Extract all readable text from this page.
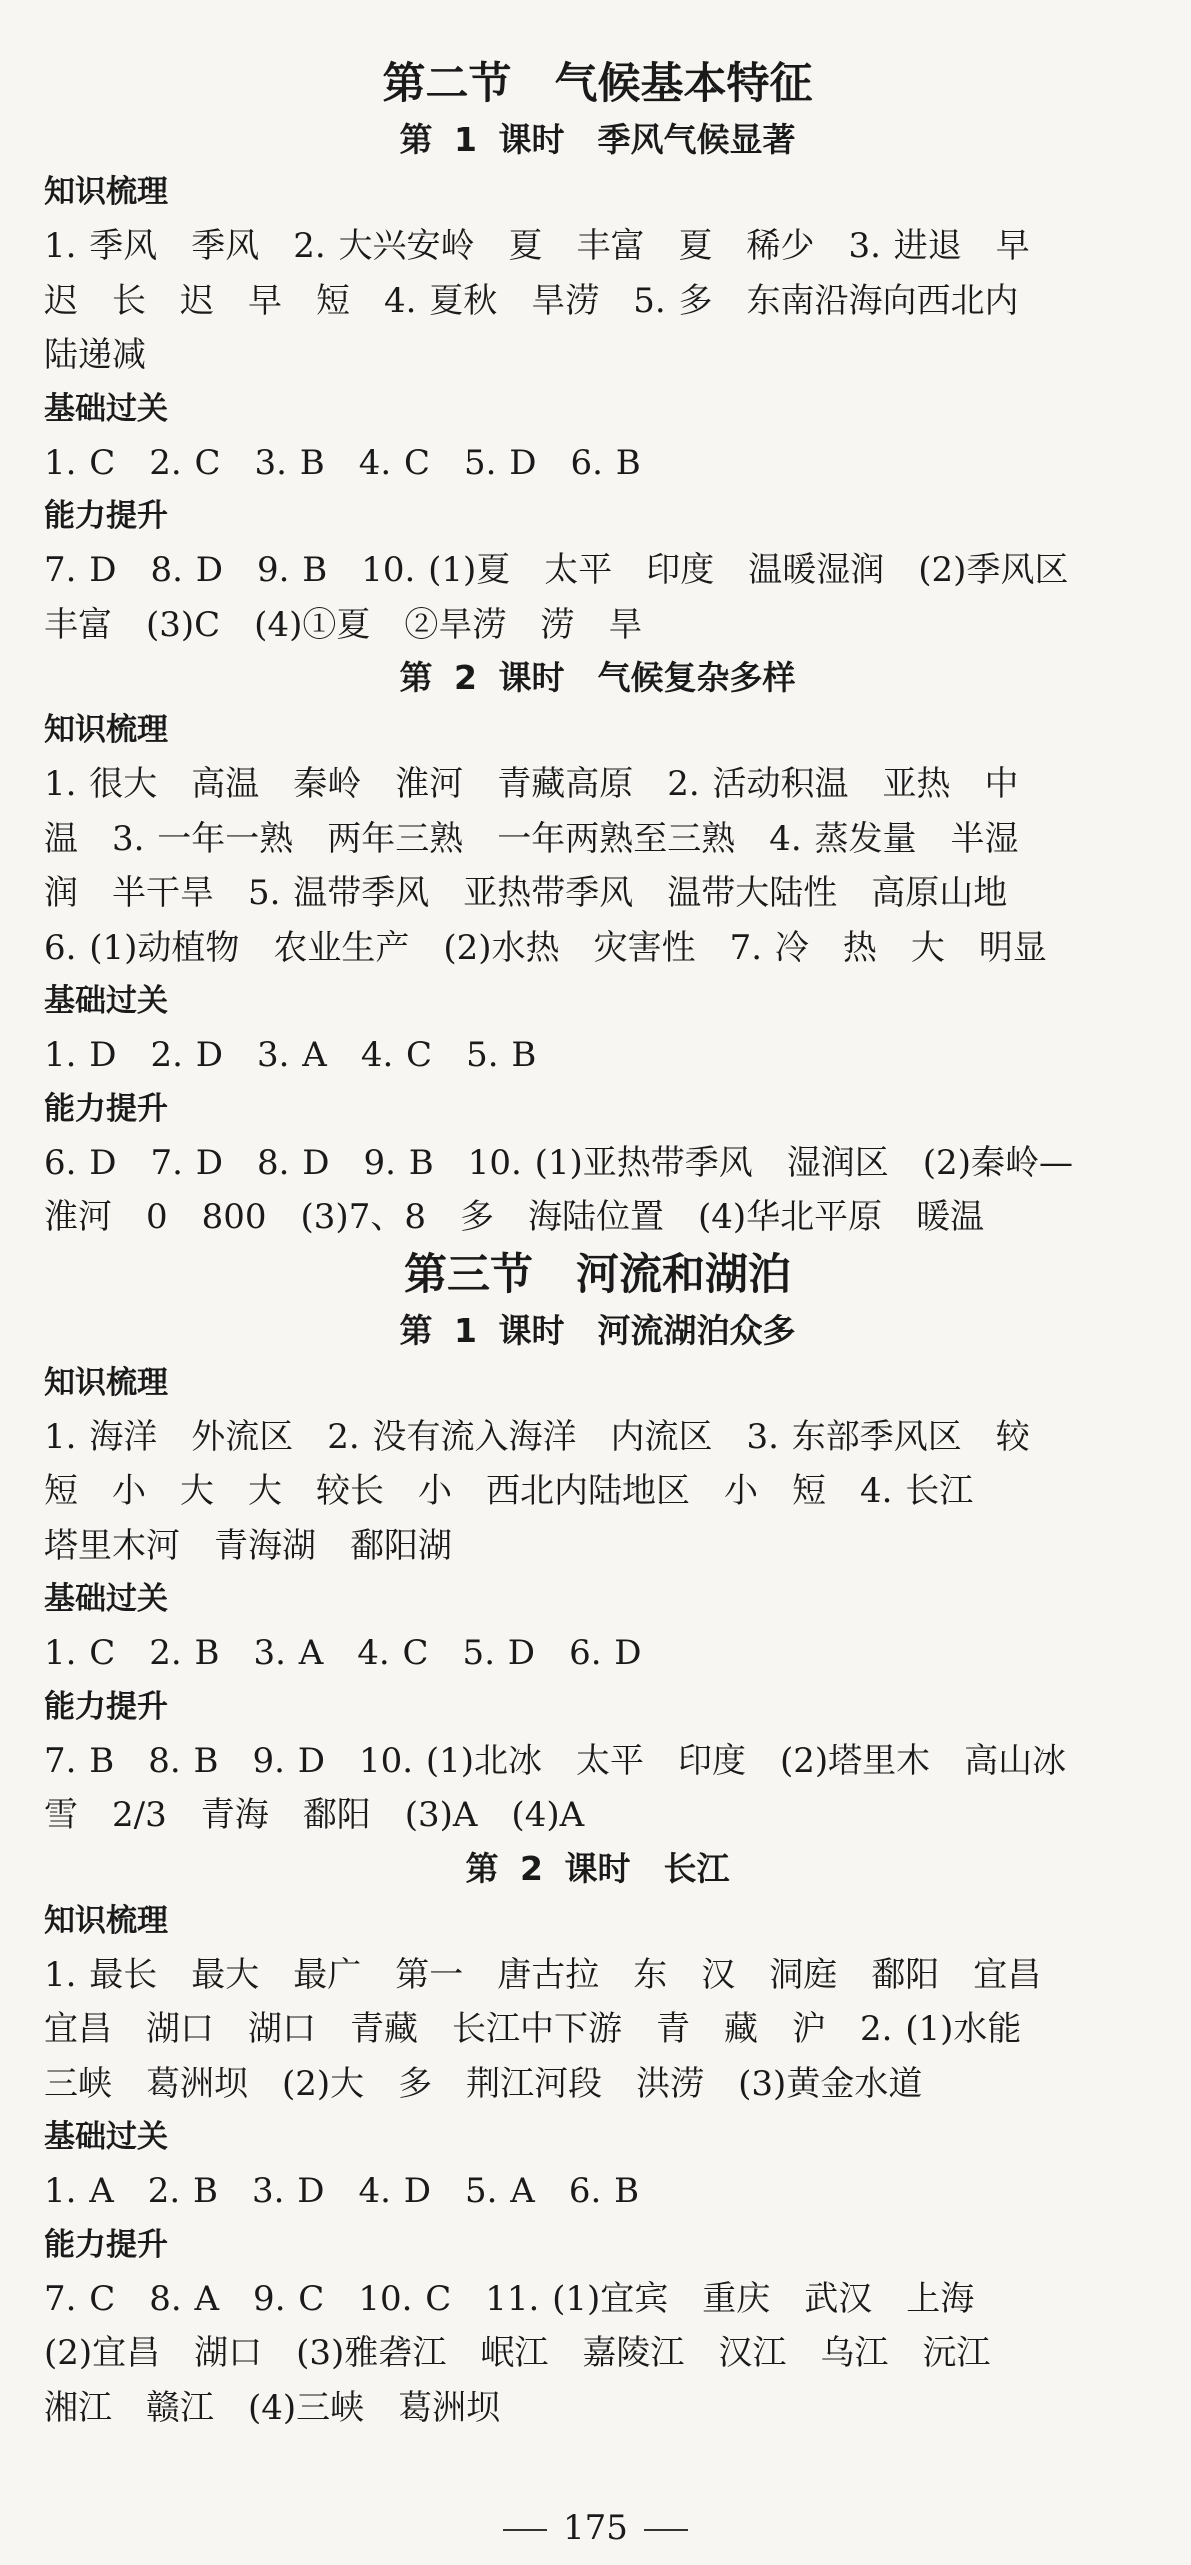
第二节　气候基本特征
第 1 课时　季风气候显著
知识梳理

1. 季风　季风　2. 大兴安岭　夏　丰富　夏　稀少　3. 进退　早

迟　长　迟　早　短　4. 夏秋　旱涝　5. 多　东南沿海向西北内

陆递减

基础过关

1. C　2. C　3. B　4. C　5. D　6. B

能力提升

7. D　8. D　9. B　10. (1)夏　太平　印度　温暖湿润　(2)季风区

丰富　(3)C　(4)①夏　②旱涝　涝　旱

第 2 课时　气候复杂多样
知识梳理

1. 很大　高温　秦岭　淮河　青藏高原　2. 活动积温　亚热　中

温　3. 一年一熟　两年三熟　一年两熟至三熟　4. 蒸发量　半湿

润　半干旱　5. 温带季风　亚热带季风　温带大陆性　高原山地

6. (1)动植物　农业生产　(2)水热　灾害性　7. 冷　热　大　明显

基础过关

1. D　2. D　3. A　4. C　5. B

能力提升

6. D　7. D　8. D　9. B　10. (1)亚热带季风　湿润区　(2)秦岭—

淮河　0　800　(3)7、8　多　海陆位置　(4)华北平原　暖温

第三节　河流和湖泊
第 1 课时　河流湖泊众多
知识梳理

1. 海洋　外流区　2. 没有流入海洋　内流区　3. 东部季风区　较

短　小　大　大　较长　小　西北内陆地区　小　短　4. 长江

塔里木河　青海湖　鄱阳湖

基础过关

1. C　2. B　3. A　4. C　5. D　6. D

能力提升

7. B　8. B　9. D　10. (1)北冰　太平　印度　(2)塔里木　高山冰

雪　2/3　青海　鄱阳　(3)A　(4)A

第 2 课时　长江
知识梳理

1. 最长　最大　最广　第一　唐古拉　东　汉　洞庭　鄱阳　宜昌

宜昌　湖口　湖口　青藏　长江中下游　青　藏　沪　2. (1)水能

三峡　葛洲坝　(2)大　多　荆江河段　洪涝　(3)黄金水道

基础过关

1. A　2. B　3. D　4. D　5. A　6. B

能力提升

7. C　8. A　9. C　10. C　11. (1)宜宾　重庆　武汉　上海

(2)宜昌　湖口　(3)雅砻江　岷江　嘉陵江　汉江　乌江　沅江

湘江　赣江　(4)三峡　葛洲坝

175
